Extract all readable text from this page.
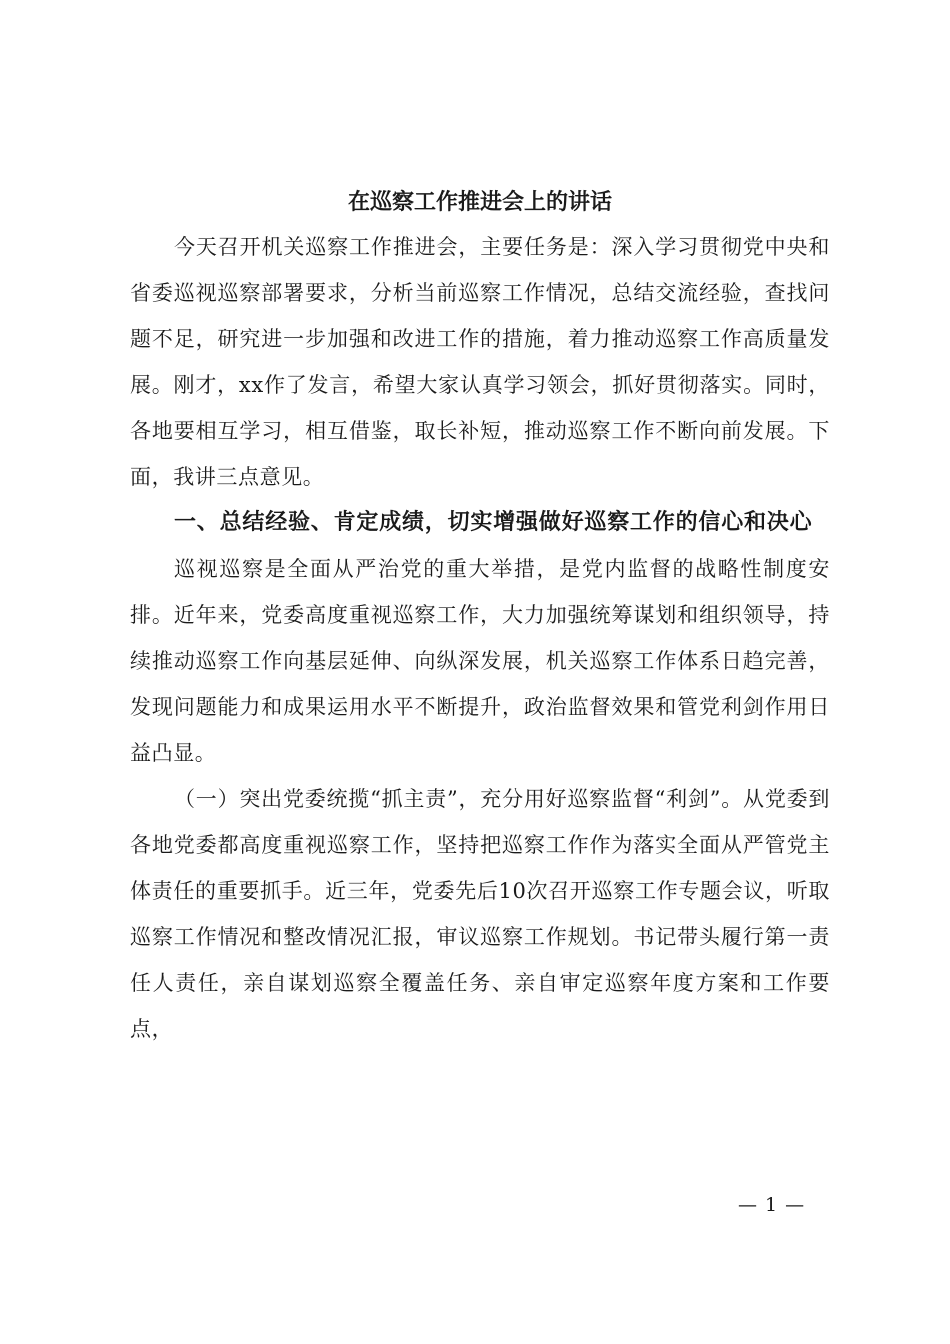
在巡察工作推进会上的讲话

今天召开机关巡察工作推进会，主要任务是：深入学习贯彻党中央和省委巡视巡察部署要求，分析当前巡察工作情况，总结交流经验，查找问题不足，研究进一步加强和改进工作的措施，着力推动巡察工作高质量发展。刚才，xx作了发言，希望大家认真学习领会，抓好贯彻落实。同时，各地要相互学习，相互借鉴，取长补短，推动巡察工作不断向前发展。下面，我讲三点意见。

一、总结经验、肯定成绩，切实增强做好巡察工作的信心和决心

巡视巡察是全面从严治党的重大举措，是党内监督的战略性制度安排。近年来，党委高度重视巡察工作，大力加强统筹谋划和组织领导，持续推动巡察工作向基层延伸、向纵深发展，机关巡察工作体系日趋完善，发现问题能力和成果运用水平不断提升，政治监督效果和管党利剑作用日益凸显。

（一）突出党委统揽“抓主责”，充分用好巡察监督“利剑”。从党委到各地党委都高度重视巡察工作，坚持把巡察工作作为落实全面从严管党主体责任的重要抓手。近三年，党委先后10次召开巡察工作专题会议，听取巡察工作情况和整改情况汇报，审议巡察工作规划。书记带头履行第一责任人责任，亲自谋划巡察全覆盖任务、亲自审定巡察年度方案和工作要点，

— 1 —
